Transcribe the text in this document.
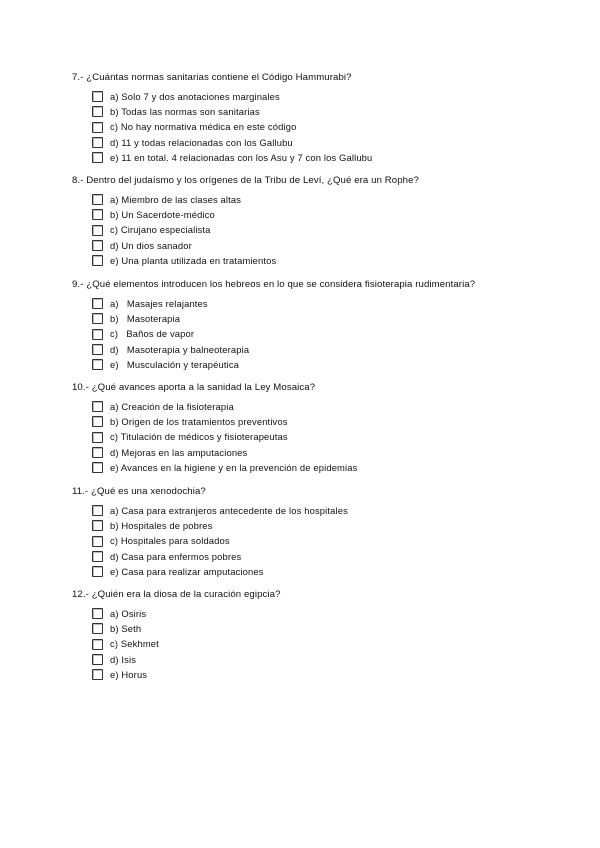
7.- ¿Cuántas normas sanitarias contiene el Código Hammurabi?
a) Solo 7 y dos anotaciones marginales
b) Todas las normas son sanitarias
c) No hay normativa médica en este código
d) 11 y todas relacionadas con los Gallubu
e) 11 en total. 4 relacionadas con los Asu y 7 con los Gallubu
8.- Dentro del judaísmo y los orígenes de la Tribu de Leví, ¿Qué era un Rophe?
a) Miembro de las clases altas
b) Un Sacerdote-médico
c) Cirujano especialista
d) Un dios sanador
e) Una planta utilizada en tratamientos
9.- ¿Qué elementos introducen los hebreos en lo que se considera fisioterapia rudimentaria?
a)   Masajes relajantes
b)   Masoterapia
c)   Baños de vapor
d)   Masoterapia y balneoterapia
e)   Musculación y terapéutica
10.- ¿Qué avances aporta a la sanidad la Ley Mosaica?
a) Creación de la fisioterapia
b) Origen de los tratamientos preventivos
c) Titulación de médicos y fisioterapeutas
d) Mejoras en las amputaciones
e) Avances en la higiene y en la prevención de epidemias
11.- ¿Qué es una xenodochia?
a) Casa para extranjeros antecedente de los hospitales
b) Hospitales de pobres
c) Hospitales para soldados
d) Casa para enfermos pobres
e) Casa para realizar amputaciones
12.- ¿Quién era la diosa de la curación egipcia?
a) Osiris
b) Seth
c) Sekhmet
d) Isis
e) Horus
